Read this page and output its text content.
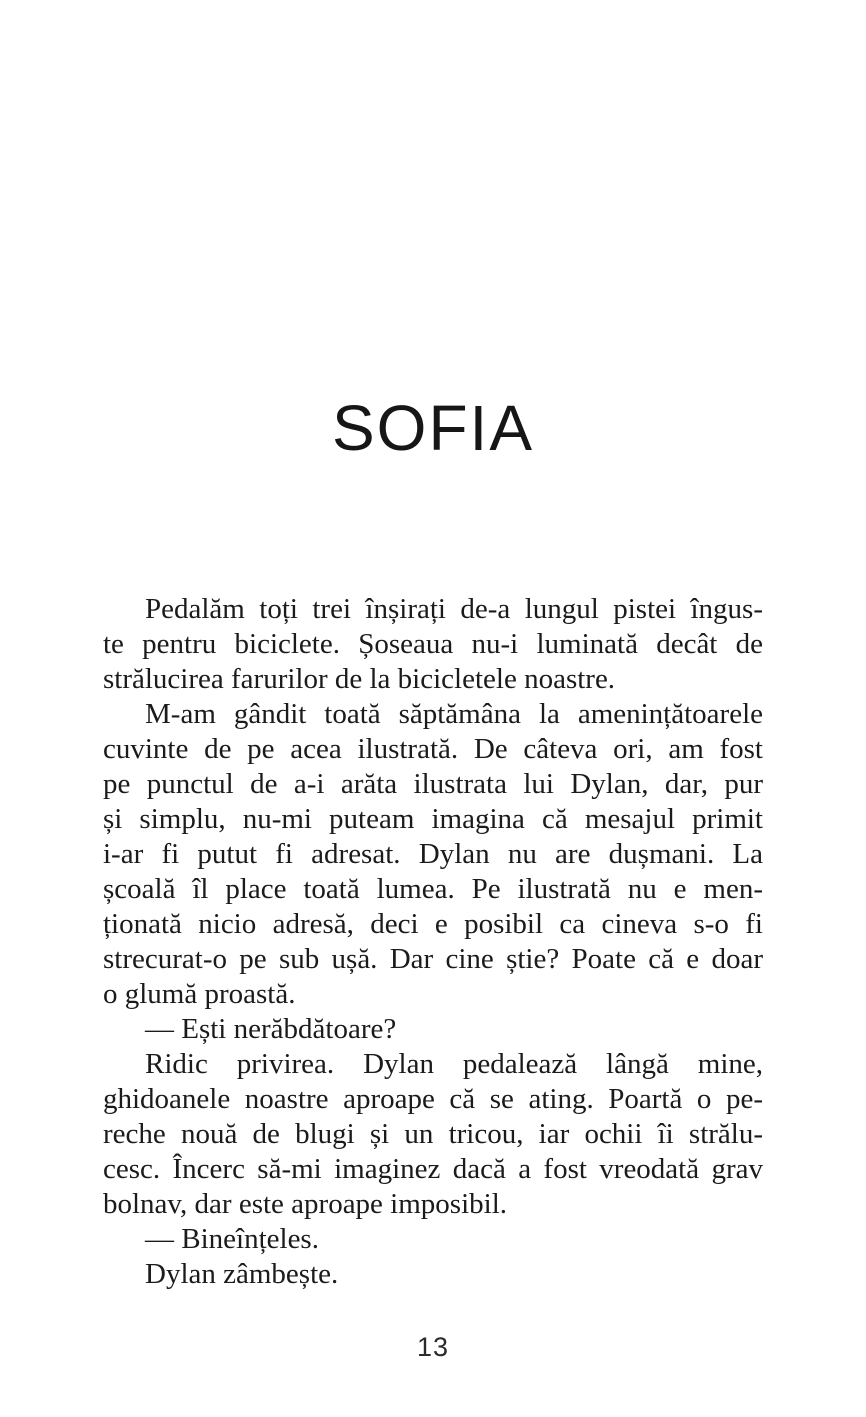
SOFIA
Pedalăm toți trei înșirați de-a lungul pistei îngus-
te pentru biciclete. Șoseaua nu-i luminată decât de
strălucirea farurilor de la bicicletele noastre.
M-am gândit toată săptămâna la amenințătoarele
cuvinte de pe acea ilustrată. De câteva ori, am fost
pe punctul de a-i arăta ilustrata lui Dylan, dar, pur
și simplu, nu-mi puteam imagina că mesajul primit
i-ar fi putut fi adresat. Dylan nu are dușmani. La
școală îl place toată lumea. Pe ilustrată nu e men-
ționată nicio adresă, deci e posibil ca cineva s-o fi
strecurat-o pe sub ușă. Dar cine știe? Poate că e doar
o glumă proastă.
— Ești nerăbdătoare?
Ridic privirea. Dylan pedalează lângă mine,
ghidoanele noastre aproape că se ating. Poartă o pe-
reche nouă de blugi și un tricou, iar ochii îi strălu-
cesc. Încerc să-mi imaginez dacă a fost vreodată grav
bolnav, dar este aproape imposibil.
— Bineînțeles.
Dylan zâmbește.
13
